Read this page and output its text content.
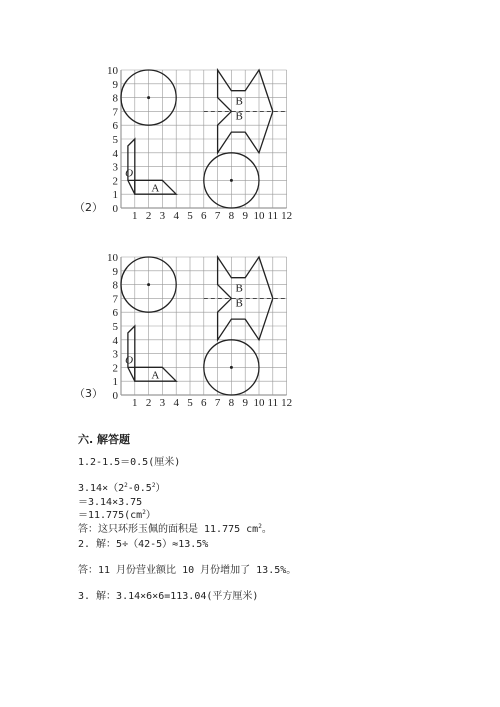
B
B
A
O
1 2 3 4 5 6 7 8 9 10 11 12
0
1
2
3
4
5
6
7
8
9
10
（2）
B
B
A
O
1 2 3 4 5 6 7 8 9 10 11 12
0
1
2
3
4
5
6
7
8
9
10
（3）
六. 解答题
1.2-1.5＝0.5(厘米)
$3.14\times(2^2-0.5^2)$
＝3.14×3.75
$=11.775(cm^2)$
答：这只环形玉佩的面积是 11.775 $cm^2$。
2. 解：5÷（42-5）≈13.5%
答：11 月份营业额比 10 月份增加了 13.5%。
3. 解：3.14×6×6=113.04(平方厘米)
